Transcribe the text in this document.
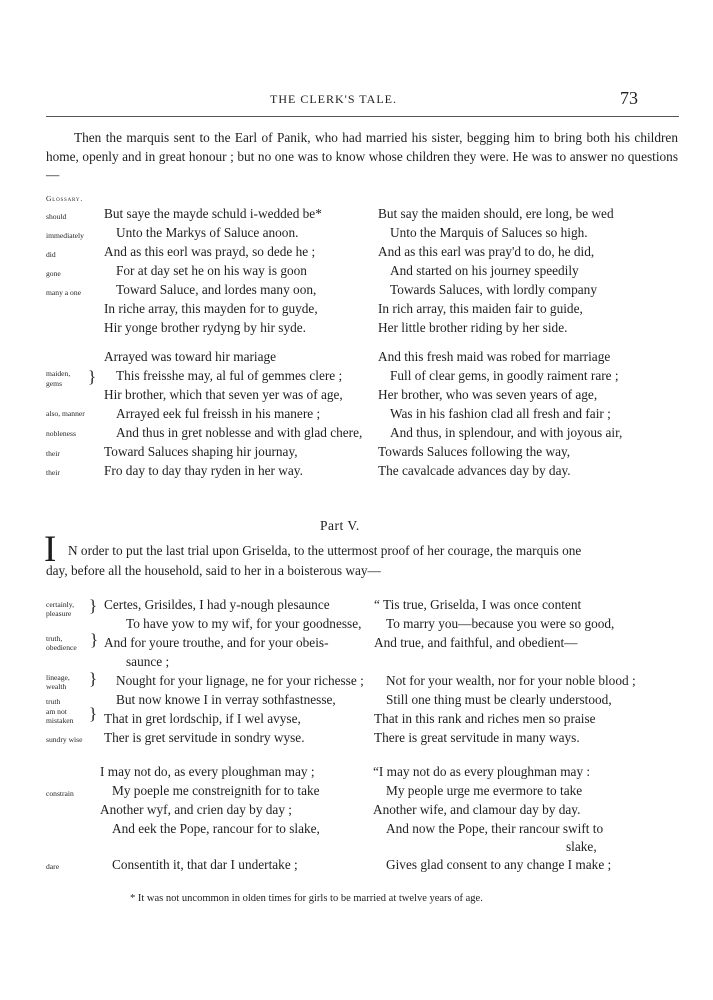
THE CLERK'S TALE.	73

Then the marquis sent to the Earl of Panik, who had married his sister, begging him to bring both his children home, openly and in great honour ; but no one was to know whose children they were. He was to answer no questions—

Glossary.
should
immediately
did
gone
many a one
But saye the mayde schuld i-wedded be*
Unto the Markys of Saluce anoon.
And as this eorl was prayd, so dede he ;
For at day set he on his way is goon
Toward Saluce, and lordes many oon,
In riche array, this mayden for to guyde,
Hir yonge brother rydyng by hir syde.
But say the maiden should, ere long, be wed
Unto the Marquis of Saluces so high.
And as this earl was pray'd to do, he did,
And started on his journey speedily
Towards Saluces, with lordly company
In rich array, this maiden fair to guide,
Her little brother riding by her side.
maiden,
gems }
also, manner
nobleness
their
their
Arrayed was toward hir mariage
This freisshe may, al ful of gemmes clere ;
Hir brother, which that seven yer was of age,
Arrayed eek ful freissh in his manere ;
And thus in gret noblesse and with glad chere,
Toward Saluces shaping hir journay,
Fro day to day thay ryden in her way.
And this fresh maid was robed for marriage
Full of clear gems, in goodly raiment rare ;
Her brother, who was seven years of age,
Was in his fashion clad all fresh and fair ;
And thus, in splendour, and with joyous air,
Towards Saluces following the way,
The cavalcade advances day by day.
Part V.
I N order to put the last trial upon Griselda, to the uttermost proof of her courage, the marquis one
day, before all the household, said to her in a boisterous way—
certainly,
pleasure }
truth,
obedience }
lineage,
wealth }
truth
am not
mistaken }
sundry wise
Certes, Grisildes, I had y-nough plesaunce
To have yow to my wif, for your goodnesse,
And for youre trouthe, and for your obeis-
saunce ;
Nought for your lignage, ne for your richesse ;
But now knowe I in verray sothfastnesse,
That in gret lordschip, if I wel avyse,
Ther is gret servitude in sondry wyse.
“ Tis true, Griselda, I was once content
To marry you—because you were so good,
And true, and faithful, and obedient—
Not for your wealth, nor for your noble blood ;
Still one thing must be clearly understood,
That in this rank and riches men so praise
There is great servitude in many ways.
constrain
dare
I may not do, as every ploughman may ;
My poeple me constreignith for to take
Another wyf, and crien day by day ;
And eek the Pope, rancour for to slake,
Consentith it, that dar I undertake ;
“I may not do as every ploughman may :
My people urge me evermore to take
Another wife, and clamour day by day.
And now the Pope, their rancour swift to
slake,
Gives glad consent to any change I make ;
* It was not uncommon in olden times for girls to be married at twelve years of age.
